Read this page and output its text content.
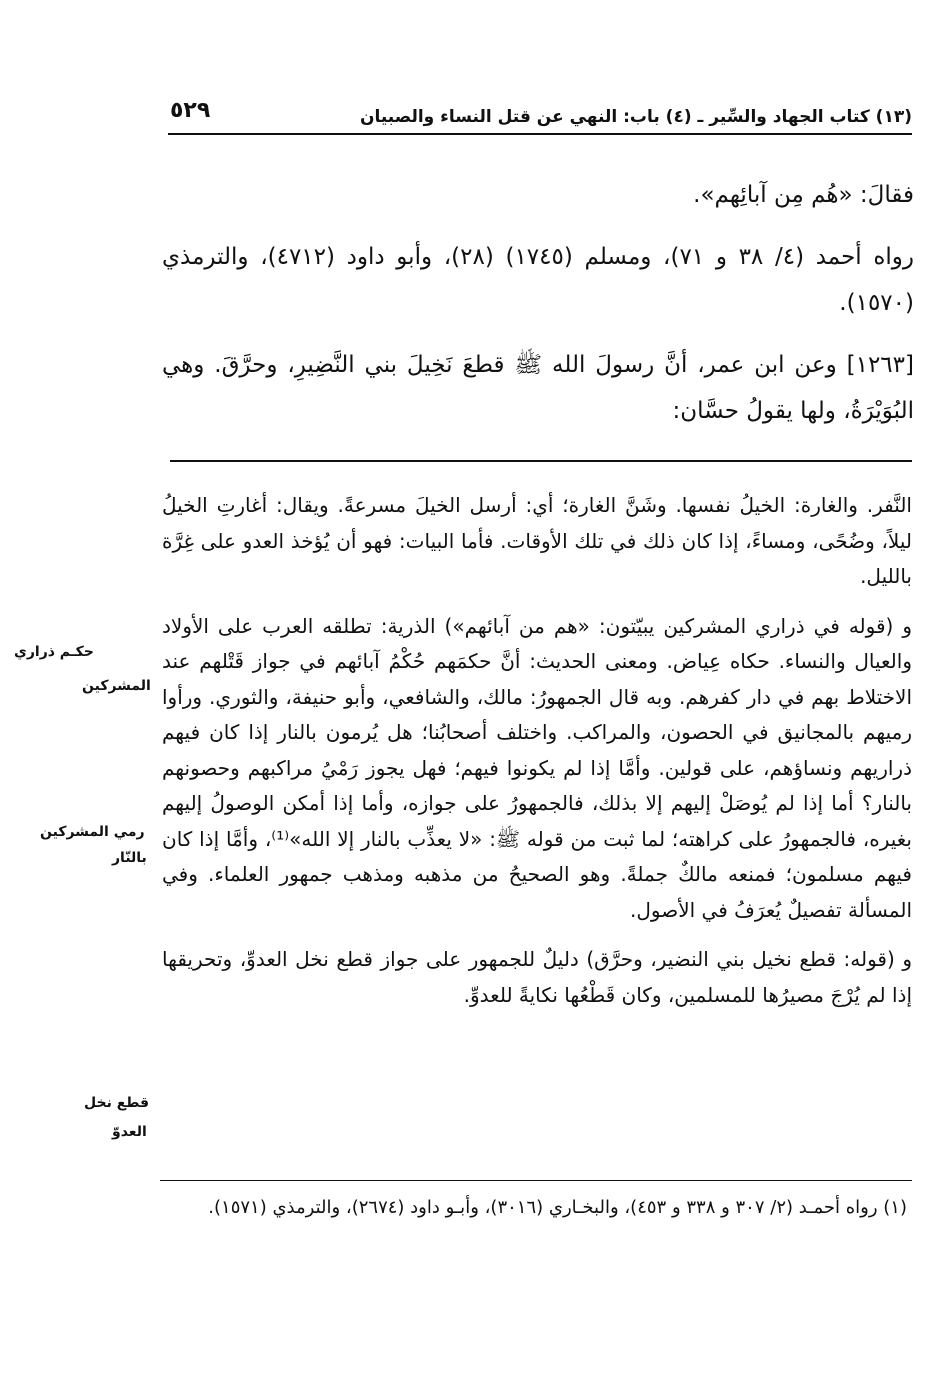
(١٣) كتاب الجهاد والسِّير ـ (٤) باب: النهي عن قتل النساء والصبيان
٥٢٩

فقالَ: «هُم مِن آبائِهم».

رواه أحمد (٤/ ٣٨ و ٧١)، ومسلم (١٧٤٥) (٢٨)، وأبو داود (٤٧١٢)، والترمذي (١٥٧٠).

[١٢٦٣] وعن ابن عمر، أنَّ رسولَ الله ﷺ قطعَ نَخِيلَ بني النَّضِيرِ، وحرَّقَ. وهي البُوَيْرَةُ، ولها يقولُ حسَّان:

النَّفر. والغارة: الخيلُ نفسها. وشَنَّ الغارة؛ أي: أرسل الخيلَ مسرعةً. ويقال: أغارتِ الخيلُ ليلاً، وضُحًى، ومساءً، إذا كان ذلك في تلك الأوقات. فأما البيات: فهو أن يُؤخذ العدو على غِرَّة بالليل.

و (قوله في ذراري المشركين يبيّتون: «هم من آبائهم») الذرية: تطلقه العرب على الأولاد والعيال والنساء. حكاه عِياض. ومعنى الحديث: أنَّ حكمَهم حُكْمُ آبائهم في جواز قَتْلهم عند الاختلاط بهم في دار كفرهم. وبه قال الجمهورُ: مالك، والشافعي، وأبو حنيفة، والثوري. ورأوا رميهم بالمجانيق في الحصون، والمراكب. واختلف أصحابُنا؛ هل يُرمون بالنار إذا كان فيهم ذراريهم ونساؤهم، على قولين. وأمَّا إذا لم يكونوا فيهم؛ فهل يجوز رَمْيُ مراكبهم وحصونهم بالنار؟ أما إذا لم يُوصَلْ إليهم إلا بذلك، فالجمهورُ على جوازه، وأما إذا أمكن الوصولُ إليهم بغيره، فالجمهورُ على كراهته؛ لما ثبت من قوله ﷺ: «لا يعذِّب بالنار إلا الله»⁽¹⁾، وأمَّا إذا كان فيهم مسلمون؛ فمنعه مالكٌ جملةً. وهو الصحيحُ من مذهبه ومذهب جمهور العلماء. وفي المسألة تفصيلٌ يُعرَفُ في الأصول.

و (قوله: قطع نخيل بني النضير، وحرَّق) دليلٌ للجمهور على جواز قطع نخل العدوِّ، وتحريقها إذا لم يُرْجَ مصيرُها للمسلمين، وكان قَطْعُها نكايةً للعدوِّ.

حكـم ذراري
المشركين
رمي المشركين
بالنّار
قطع نخل
العدوّ

(١) رواه أحمـد (٢/ ٣٠٧ و ٣٣٨ و ٤٥٣)، والبخـاري (٣٠١٦)، وأبـو داود (٢٦٧٤)، والترمذي (١٥٧١).
